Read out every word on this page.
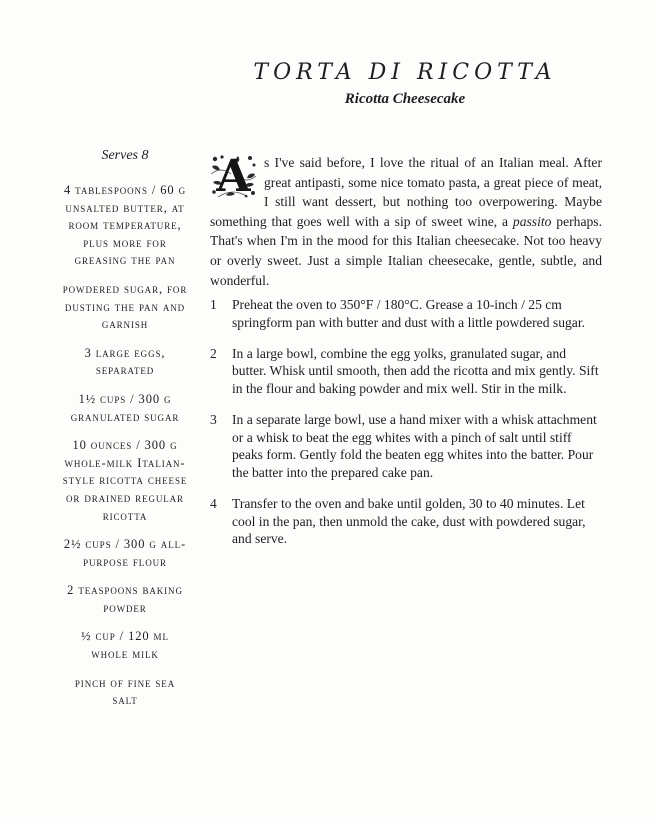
TORTA DI RICOTTA
Ricotta Cheesecake

Serves 8

4 tablespoons / 60 g unsalted butter, at room temperature, plus more for greasing the pan

powdered sugar, for dusting the pan and garnish

3 large eggs, separated

1½ cups / 300 g granulated sugar

10 ounces / 300 g whole-milk Italian-style ricotta cheese or drained regular ricotta

2½ cups / 300 g all-purpose flour

2 teaspoons baking powder

½ cup / 120 ml whole milk

pinch of fine sea salt

A s I've said before, I love the ritual of an Italian meal. After great antipasti, some nice tomato pasta, a great piece of meat, I still want dessert, but nothing too overpowering. Maybe something that goes well with a sip of sweet wine, a passito perhaps. That's when I'm in the mood for this Italian cheesecake. Not too heavy or overly sweet. Just a simple Italian cheesecake, gentle, subtle, and wonderful.

1 Preheat the oven to 350°F / 180°C. Grease a 10-inch / 25 cm springform pan with butter and dust with a little powdered sugar.
2 In a large bowl, combine the egg yolks, granulated sugar, and butter. Whisk until smooth, then add the ricotta and mix gently. Sift in the flour and baking powder and mix well. Stir in the milk.
3 In a separate large bowl, use a hand mixer with a whisk attachment or a whisk to beat the egg whites with a pinch of salt until stiff peaks form. Gently fold the beaten egg whites into the batter. Pour the batter into the prepared cake pan.
4 Transfer to the oven and bake until golden, 30 to 40 minutes. Let cool in the pan, then unmold the cake, dust with powdered sugar, and serve.
